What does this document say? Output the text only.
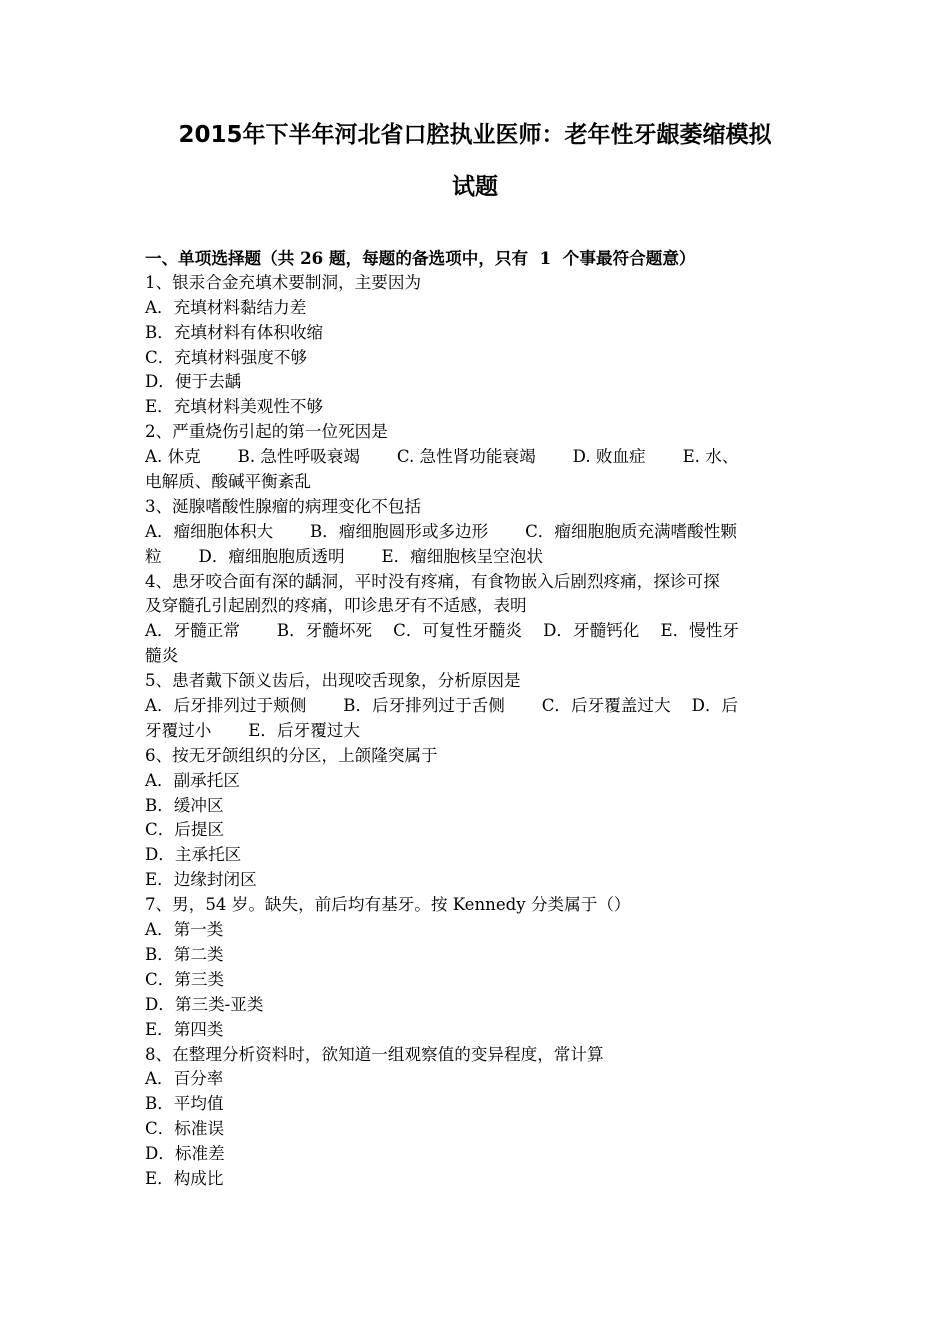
2015年下半年河北省口腔执业医师：老年性牙龈萎缩模拟
试题
一、单项选择题（共 26 题，每题的备选项中，只有  1  个事最符合题意）
1、银汞合金充填术要制洞，主要因为
A．充填材料黏结力差
B．充填材料有体积收缩
C．充填材料强度不够
D．便于去龋
E．充填材料美观性不够
2、严重烧伤引起的第一位死因是
A. 休克       B. 急性呼吸衰竭       C. 急性肾功能衰竭       D. 败血症       E. 水、
电解质、酸碱平衡紊乱
3、涎腺嗜酸性腺瘤的病理变化不包括
A．瘤细胞体积大       B．瘤细胞圆形或多边形       C．瘤细胞胞质充满嗜酸性颗
粒       D．瘤细胞胞质透明       E．瘤细胞核呈空泡状
4、患牙咬合面有深的龋洞，平时没有疼痛，有食物嵌入后剧烈疼痛，探诊可探
及穿髓孔引起剧烈的疼痛，叩诊患牙有不适感，表明
A．牙髓正常       B．牙髓坏死    C．可复性牙髓炎    D．牙髓钙化    E．慢性牙
髓炎
5、患者戴下颌义齿后，出现咬舌现象，分析原因是
A．后牙排列过于颊侧       B．后牙排列过于舌侧       C．后牙覆盖过大    D．后
牙覆过小       E．后牙覆过大
6、按无牙颌组织的分区，上颌隆突属于
A．副承托区
B．缓冲区
C．后提区
D．主承托区
E．边缘封闭区
7、男，54 岁。缺失，前后均有基牙。按 Kennedy 分类属于（）
A．第一类
B．第二类
C．第三类
D．第三类-亚类
E．第四类
8、在整理分析资料时，欲知道一组观察值的变异程度，常计算
A．百分率
B．平均值
C．标准误
D．标准差
E．构成比
